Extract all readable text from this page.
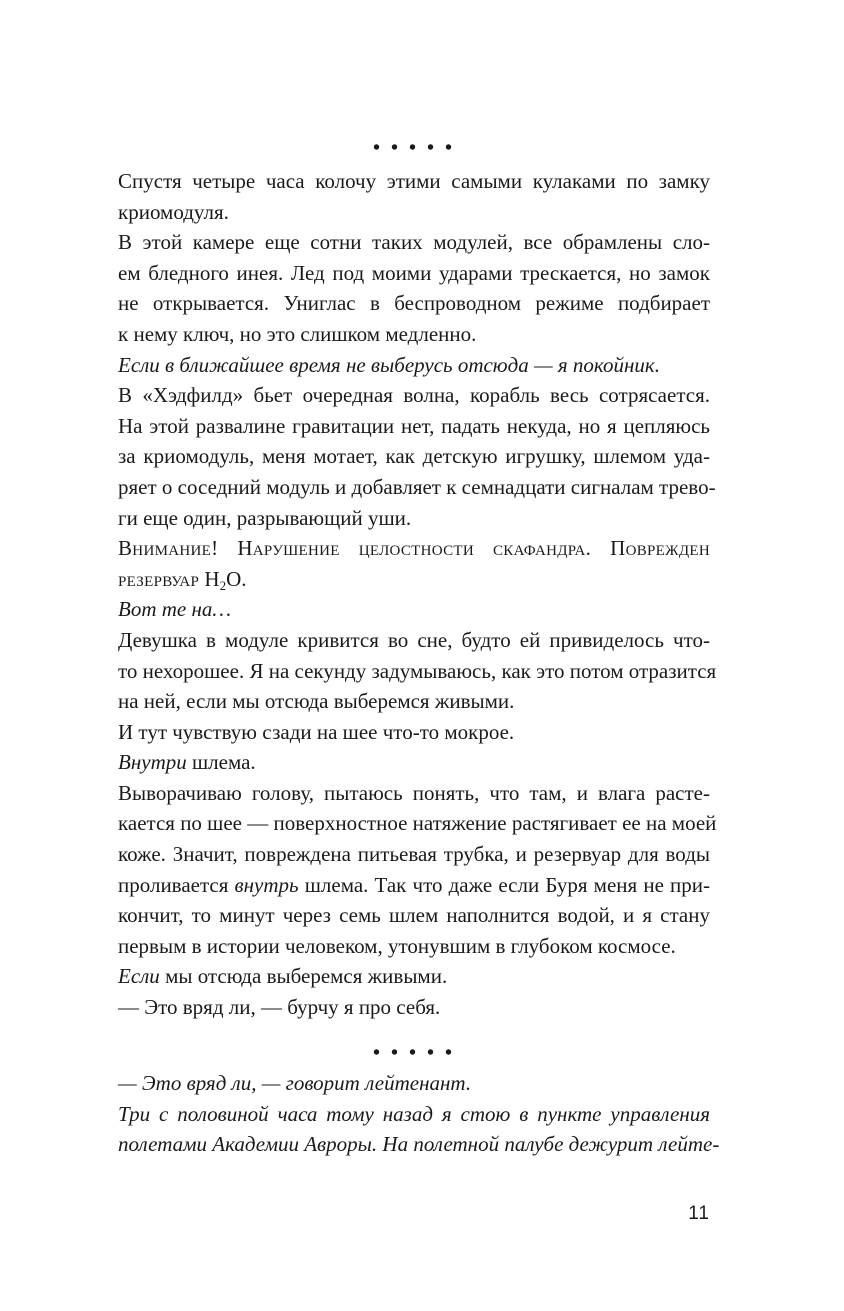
• • • • •
Спустя четыре часа колочу этими самыми кулаками по замку
криомодуля.
В этой камере еще сотни таких модулей, все обрамлены сло-
ем бледного инея. Лед под моими ударами трескается, но замок
не открывается. Униглас в беспроводном режиме подбирает
к нему ключ, но это слишком медленно.
Если в ближайшее время не выберусь отсюда — я покойник.
В «Хэдфилд» бьет очередная волна, корабль весь сотрясается.
На этой развалине гравитации нет, падать некуда, но я цепляюсь
за криомодуль, меня мотает, как детскую игрушку, шлемом уда-
ряет о соседний модуль и добавляет к семнадцати сигналам трево-
ги еще один, разрывающий уши.
Внимание! Нарушение целостности скафандра. Поврежден
резервуар $H_2O$.
Вот те на…
Девушка в модуле кривится во сне, будто ей привиделось что-
то нехорошее. Я на секунду задумываюсь, как это потом отразится
на ней, если мы отсюда выберемся живыми.
И тут чувствую сзади на шее что-то мокрое.
Внутри шлема.
Выворачиваю голову, пытаюсь понять, что там, и влага расте-
кается по шее — поверхностное натяжение растягивает ее на моей
коже. Значит, повреждена питьевая трубка, и резервуар для воды
проливается внутрь шлема. Так что даже если Буря меня не при-
кончит, то минут через семь шлем наполнится водой, и я стану
первым в истории человеком, утонувшим в глубоком космосе.
Если мы отсюда выберемся живыми.
— Это вряд ли, — бурчу я про себя.
• • • • •
— Это вряд ли, — говорит лейтенант.
Три с половиной часа тому назад я стою в пункте управления
полетами Академии Авроры. На полетной палубе дежурит лейте-
11
